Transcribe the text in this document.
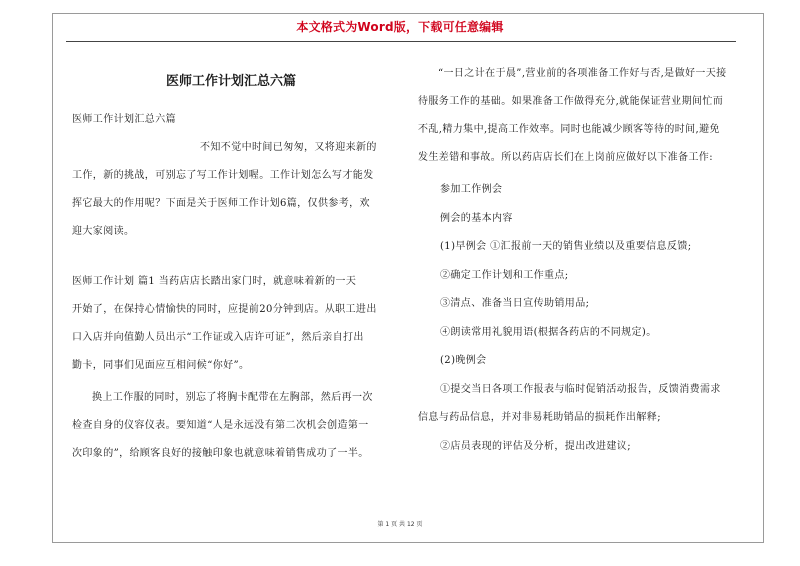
本文格式为Word版，下载可任意编辑
医师工作计划汇总六篇
医师工作计划汇总六篇
不知不觉中时间已匆匆，又将迎来新的
工作，新的挑战，可别忘了写工作计划喔。工作计划怎么写才能发
挥它最大的作用呢？下面是关于医师工作计划6篇，仅供参考，欢
迎大家阅读。
医师工作计划 篇1 当药店店长踏出家门时，就意味着新的一天
开始了，在保持心情愉快的同时，应提前20分钟到店。从职工进出
口入店并向值勤人员出示“工作证或入店许可证”，然后亲自打出
勤卡，同事们见面应互相问候“你好”。
换上工作服的同时，别忘了将胸卡配带在左胸部，然后再一次
检查自身的仪容仪表。要知道“人是永远没有第二次机会创造第一
次印象的”，给顾客良好的接触印象也就意味着销售成功了一半。
“一日之计在于晨”,营业前的各项准备工作好与否,是做好一天接
待服务工作的基础。如果准备工作做得充分,就能保证营业期间忙而
不乱,精力集中,提高工作效率。同时也能减少顾客等待的时间,避免
发生差错和事故。所以药店店长们在上岗前应做好以下准备工作:
参加工作例会
例会的基本内容
(1)早例会 ①汇报前一天的销售业绩以及重要信息反馈;
②确定工作计划和工作重点;
③清点、准备当日宣传助销用品;
④朗读常用礼貌用语(根据各药店的不同规定)。
(2)晚例会
①提交当日各项工作报表与临时促销活动报告，反馈消费需求
信息与药品信息，并对非易耗助销品的损耗作出解释;
②店员表现的评估及分析，提出改进建议;
第 1 页 共 12 页
